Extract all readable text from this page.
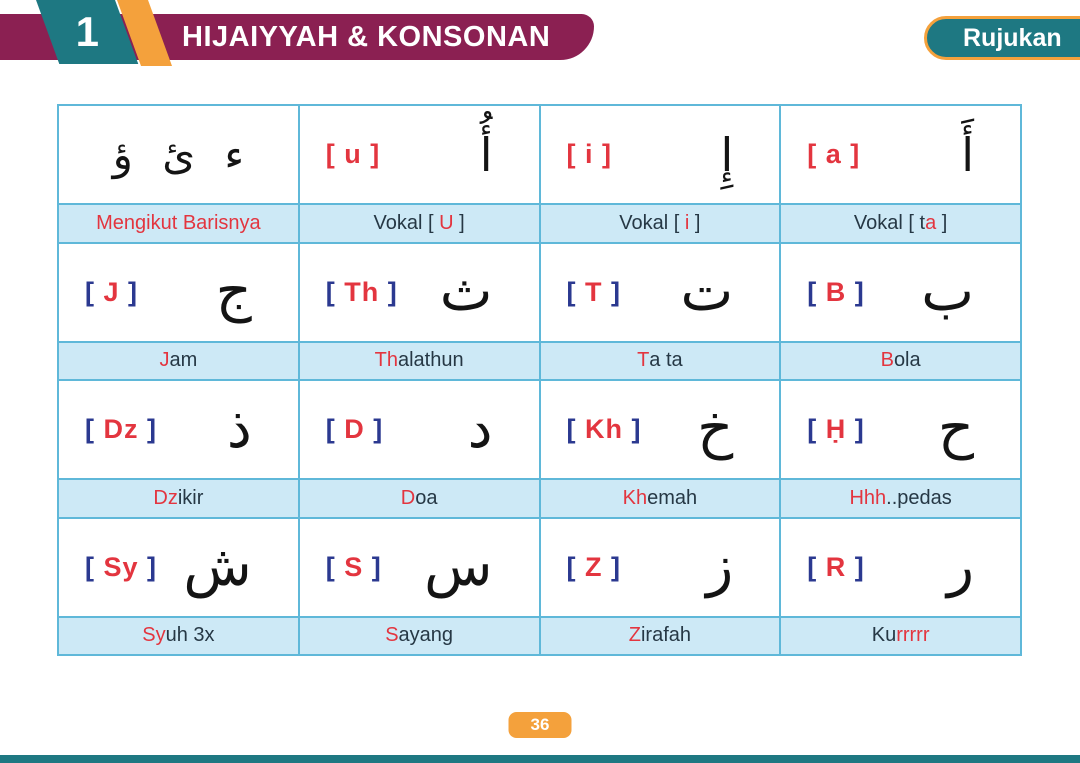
HIJAIYYAH & KONSONAN
1	Rujukan
ء ئ ؤ	[ u ] أُ	[ i ] إِ	[ a ] أَ
Mengikut Barisnya	Vokal [ U ]	Vokal [ i ]	Vokal [ t a ]
[ J ] ج	[ Th ] ث	[ T ] ت	[ B ] ب
J am	Th alathun	T a ta	B ola
[ Dz ] ذ	[ D ] د	[ Kh ] خ	[ Ḥ ] ح
Dz ikir	D oa	Kh emah	Hhh ..pedas
[ Sy ] ش	[ S ] س	[ Z ] ز	[ R ] ر
Sy uh 3x	S ayang	Z irafah	Ku rrrrr
36
